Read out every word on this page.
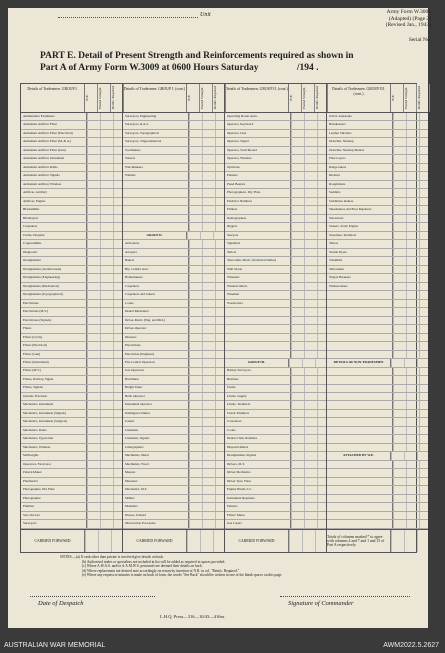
Unit	Army Form W.3008
(Adapted) (Page 2)
(Revised Jan., 1943)
Serial No.
PART E. Detail of Present Strength and Reinforcements required as shown in
Part A of Army Form W.3009 at 0600 Hours Saturday	/194 .
Details of Tradesmen. GROUP I.
W.E.	Posted Strength	Reinfs. Required
Ammunition Examiners
Armament Artificer Fitter
Armament Artificer Fitter (Electrical)
Armament Artificer Fitter (M. & A.)
Armament Artificer Fitter (Gun)
Armament Artificer Instrument
Armament Artificer Radio
Armament Artificer Signals
Armament Artificer Wireless
Artificer, Artillery
Artificer, Engine
Blacksmiths
Bricklayers
Carpenters
Clerks, Hospital
Coppersmiths
Diagnostic
Draughtsmen
Draughtsmen (Architectural)
Draughtsmen (Engineering)
Draughtsmen (Mechanical)
Draughtsmen (Topographical)
Electricians
Electricians (M.V.)
Electricians (Signals)
Fitters
Fitters (Cycle)
Fitters (Electrical)
Fitters (Gun)
Fitters (Instrument)
Fitters (M.V.)
Fitters, Railway Signal
Fitters, Signals
Grinder, Precision
Mechanics, Instrument
Mechanics, Instrument (Signals)
Mechanics, Instrument (Surgical)
Mechanics, Radio
Mechanics, Typewriter
Mechanics, Wireless
Millwrights
Operators, Excavator
Pattern Maker
Pharmacist
Photographer, Hot Plate
Photographer
Plumber
Saw Doctors
Surveyors
CARRIED FORWARD
Details of Tradesmen. GROUP I. (cont.)
W.E.	Posted Strength	Reinfs. Required
Surveyors, Engineering
Surveyors, R.A.S.
Surveyors, Topographical
Surveyors, Trigonometrical
Toolmakers
Turners
Watchmakers
Welders
GROUP II.
Armourers
Assayers
Bakers
Bty. Comd's Asst.
Boilermakers
Carpenters
Carpenters and Joiners
Cooks
Dental Mechanics
Driver-Mech. (Eng. and Mtd.)
Driver-Operator
Dressers
Electricians
Electrician (Engineer)
Fire Control Operators
Gas Operators
Hatchmen
Height Taker
Hello Operator
Instrument Operator
Intelligence Duties
Joiners
Linesmen
Linesmen, Signals
Lithographers
Machinists, Metal
Machinists, Wood
Masons
Masseurs
Mechanics, M.T.
Millers
Moulders
Nurses, Trained
Observation Post Assts.
CARRIED FORWARD
Details of Tradesmen. GROUP II. (cont.)
W.E.	Posted Strength	Reinfs. Required
Operating Room Assts.
Operator, Keyboard
Operator, Line
Operator, Signal
Operator, Switchboard
Operator, Wireless
Opticians
Painters
Panel Beaters
Photographers, Dry Plate
Predictor Numbers
Printers
Radiographers
Riggers
Sawyers
Signallers
Tailors
Telecomm. Mech. (Technical Duties)
Wall Saxon
Wheelers
Wireless Mech.
Wiremen
Woolsorters
GROUP III.
Battery Surveyors
Butchers
Clerks
Clerks, Supply
Clerks, Technical
Check Trimmers
Concretors
Cooks
Dental Clerk Orderlies
Dispatch Riders
Draughtsmen, Signals
Drivers, M.T.
Driver Mechanics
Driver Tpte. Plant
Engine Hands, I.C.
Instrument Repairers
Painters
Fitters' Mates
Gas Layers
CARRIED FORWARD
Details of Tradesmen. GROUP III. (cont.)
W.E.	Posted Strength	Reinfs. Required
O.P.O. Assistants
Hairdressers
Leather Stitchers
Orderlies, Nursing
Orderlies, Nursing Mental
Plate Layers
Range takers
Riveters
Roughriders
Saddlers
Saddletree makers
Shoemakers and Boot Repairers
Stevedores
Stokers, Static Engine
Storemen, Technical
Tailors
Textile Dyers
Tinsmiths
Tallowmen
Wagon Breakers
Whitewashers
DETAILS OF NON-TRADESMEN
ATTACHED BY W.E.
Totals of columns marked * to agree with columns 4 and 7 and 1 and 15 of Part A respectively.
NOTES.—(a) If rank other than private is involved give details on back.
(b) Authorised trades or specialists not included in list will be added as required in spaces provided.
(c) Where A.W.A.S. and/or A.A.M.W.S. personnel are deemed their details on back.
(d) Where replacement not desired note accordingly on return by insertion of N.R. in col. "Reinfs. Required."
(e) Where any request or minutes is made on back of form, the words "See Back" should be written in one of the blank spaces on this page.
Date of Despatch	Signature of Commander
L.H.Q. Press—316—10/43—416m.
AUSTRALIAN WAR MEMORIAL	AWM2022.5.2627
